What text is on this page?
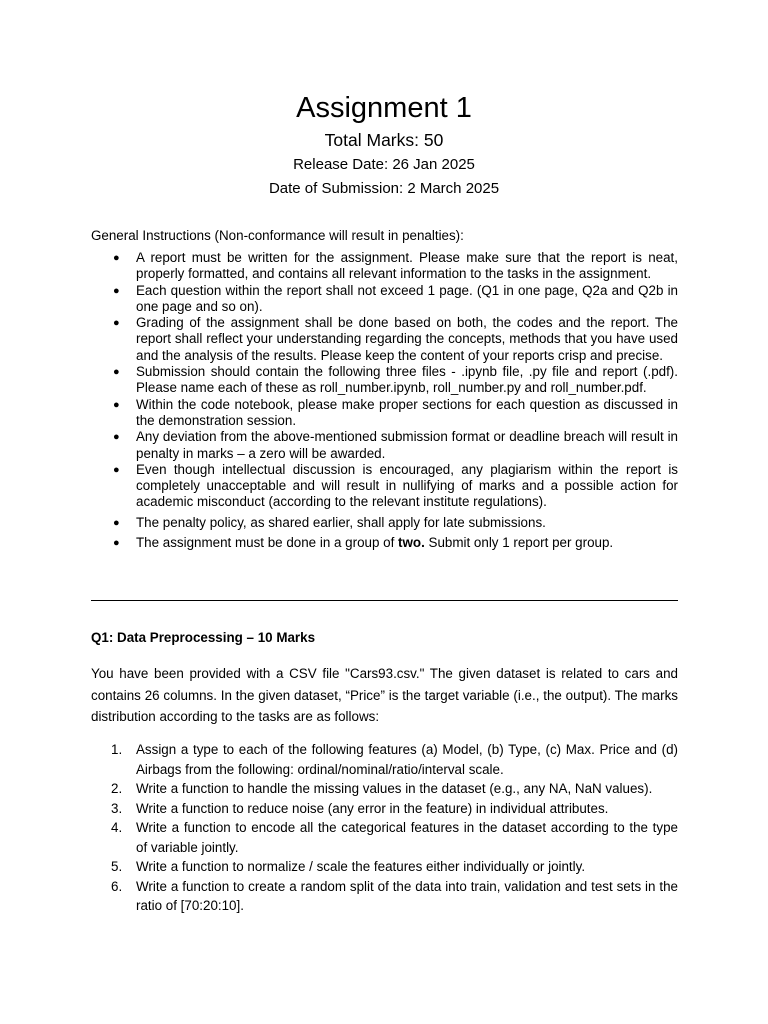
Assignment 1
Total Marks: 50
Release Date: 26 Jan 2025
Date of Submission: 2 March 2025
General Instructions (Non-conformance will result in penalties):
● A report must be written for the assignment. Please make sure that the report is neat, properly formatted, and contains all relevant information to the tasks in the assignment.
● Each question within the report shall not exceed 1 page. (Q1 in one page, Q2a and Q2b in one page and so on).
● Grading of the assignment shall be done based on both, the codes and the report. The report shall reflect your understanding regarding the concepts, methods that you have used and the analysis of the results. Please keep the content of your reports crisp and precise.
● Submission should contain the following three files - .ipynb file, .py file and report (.pdf). Please name each of these as roll_number.ipynb, roll_number.py and roll_number.pdf.
● Within the code notebook, please make proper sections for each question as discussed in the demonstration session.
● Any deviation from the above-mentioned submission format or deadline breach will result in penalty in marks – a zero will be awarded.
● Even though intellectual discussion is encouraged, any plagiarism within the report is completely unacceptable and will result in nullifying of marks and a possible action for academic misconduct (according to the relevant institute regulations).
● The penalty policy, as shared earlier, shall apply for late submissions.
● The assignment must be done in a group of two. Submit only 1 report per group.
Q1: Data Preprocessing – 10 Marks
You have been provided with a CSV file "Cars93.csv." The given dataset is related to cars and contains 26 columns. In the given dataset, “Price” is the target variable (i.e., the output). The marks distribution according to the tasks are as follows:
1. Assign a type to each of the following features (a) Model, (b) Type, (c) Max. Price and (d) Airbags from the following: ordinal/nominal/ratio/interval scale.
2. Write a function to handle the missing values in the dataset (e.g., any NA, NaN values).
3. Write a function to reduce noise (any error in the feature) in individual attributes.
4. Write a function to encode all the categorical features in the dataset according to the type of variable jointly.
5. Write a function to normalize / scale the features either individually or jointly.
6. Write a function to create a random split of the data into train, validation and test sets in the ratio of [70:20:10].
